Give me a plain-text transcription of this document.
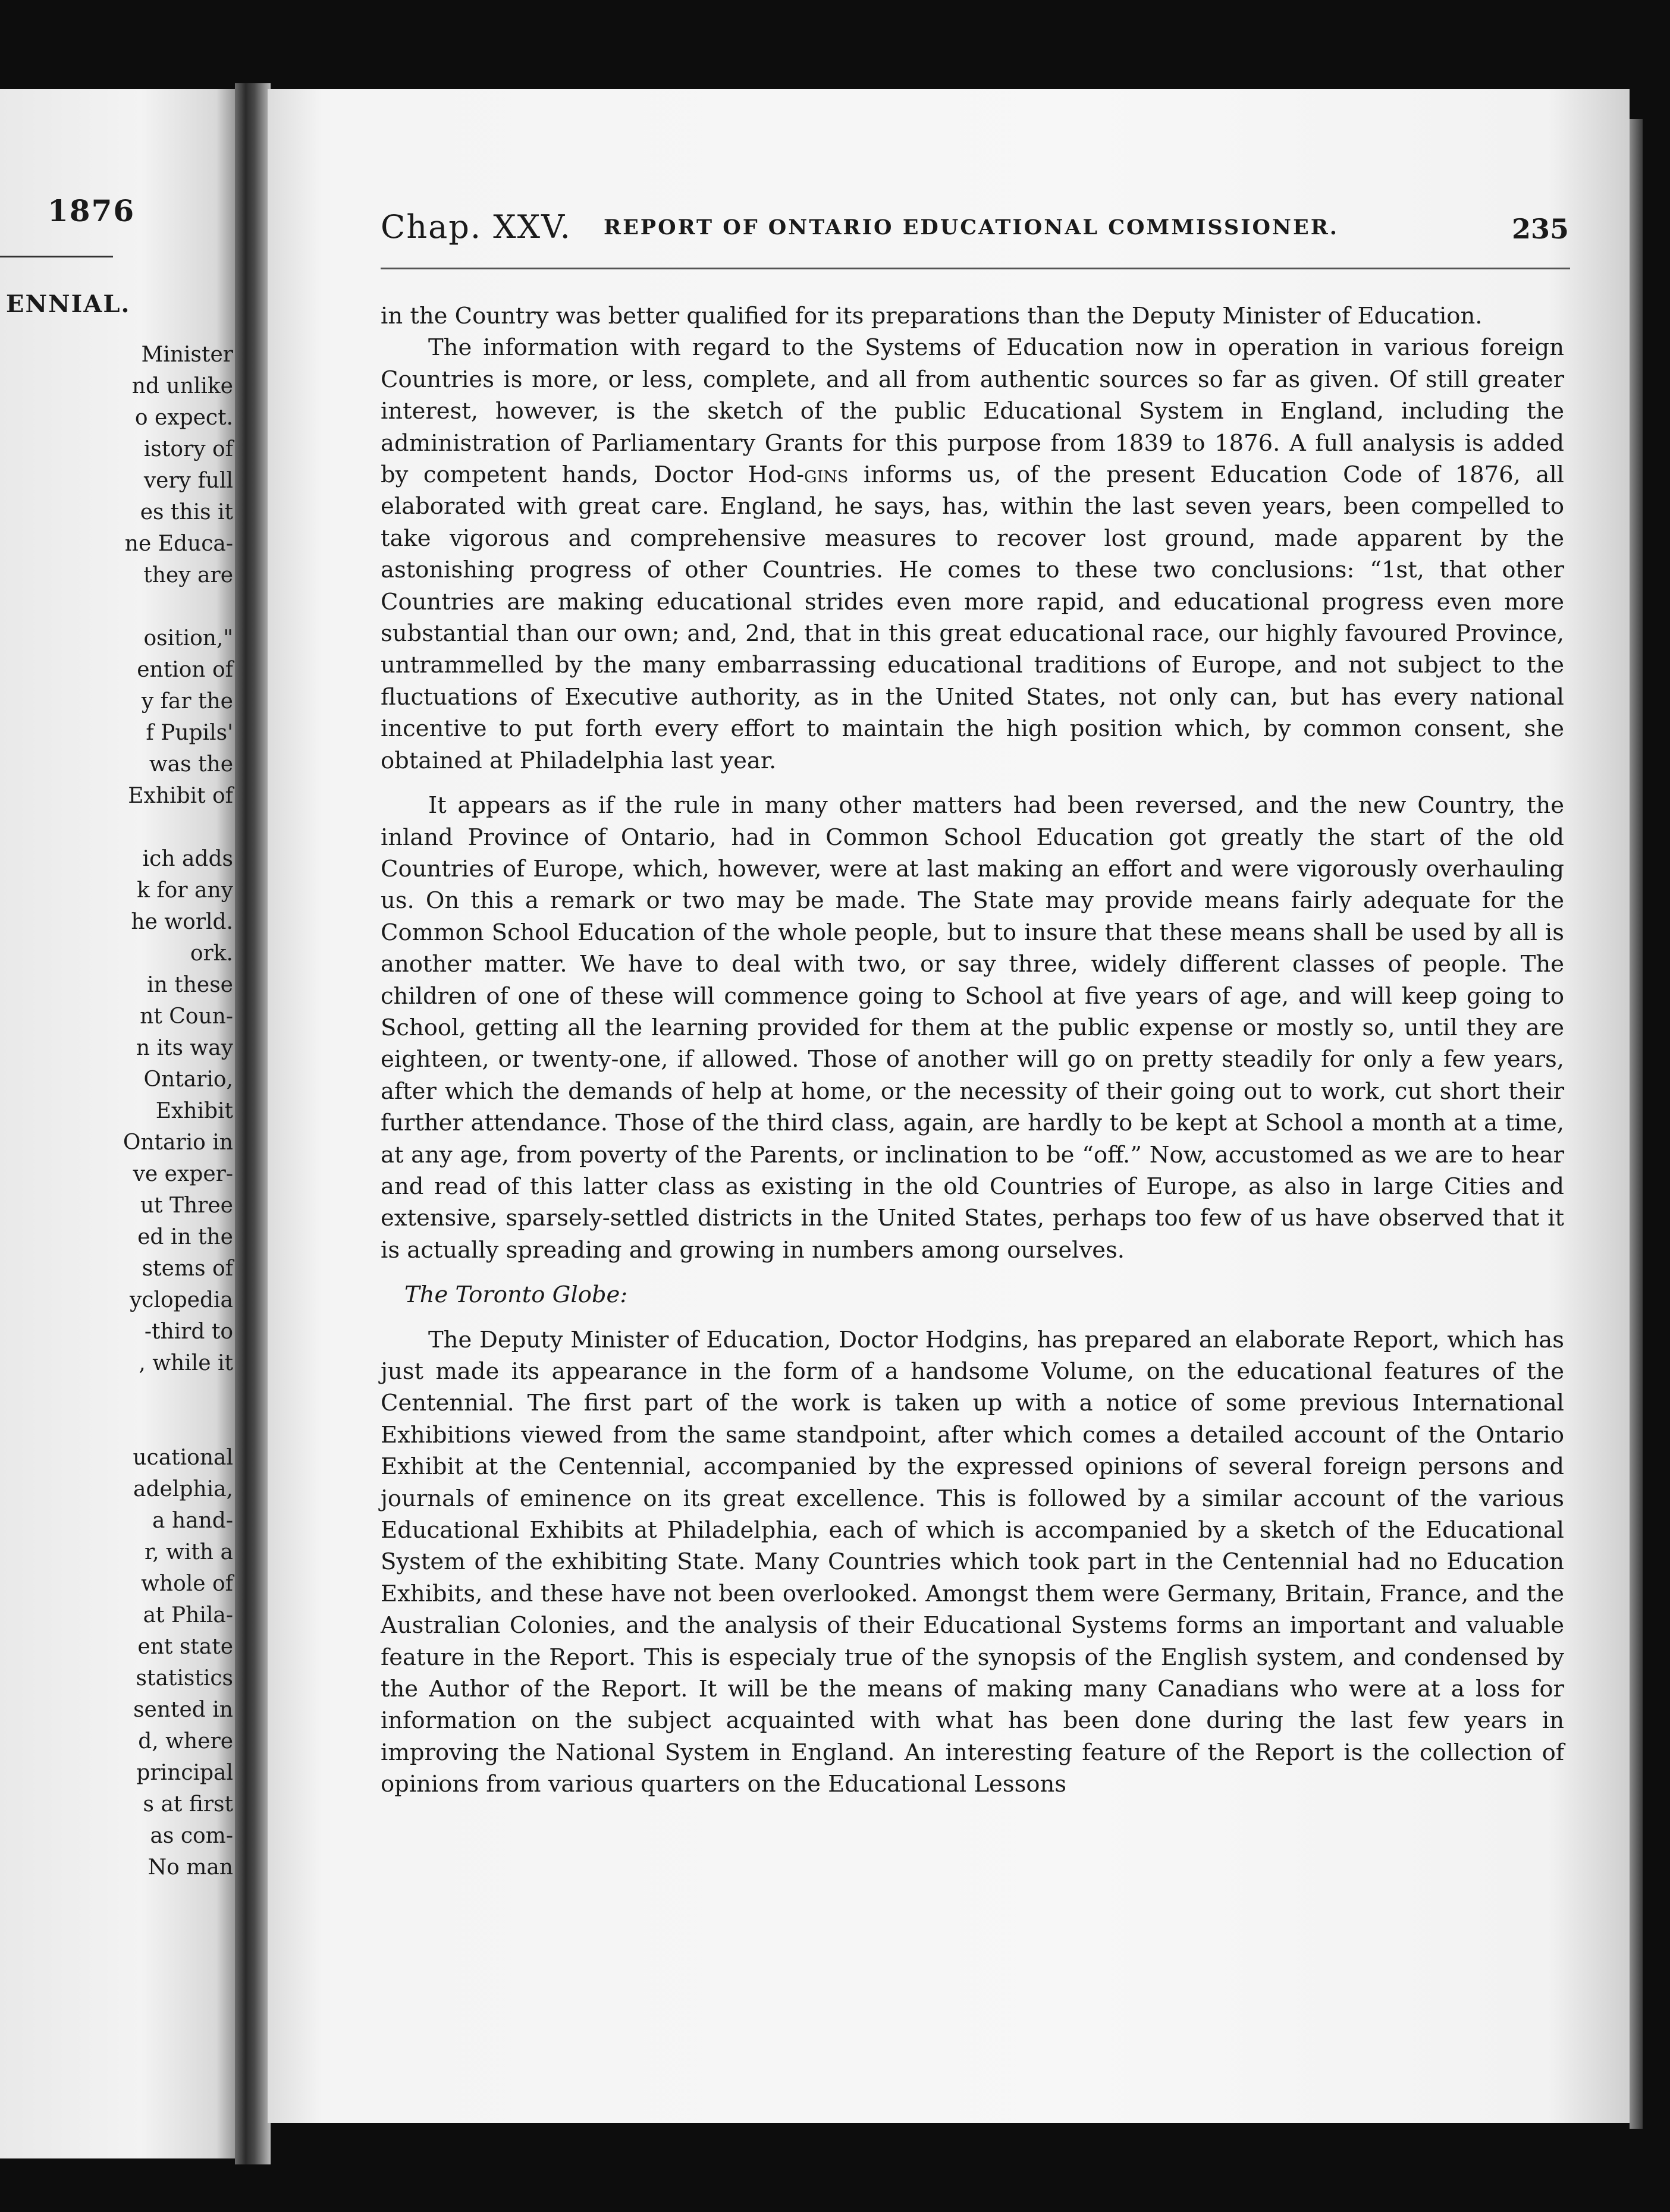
1876
ENNIAL.
Minister
nd unlike
o expect.
istory of
very full
es this it
ne Educa-
they are

osition,"
ention of
y far the
f Pupils'
was the
Exhibit of

ich adds
k for any
he world.
ork.
in these
nt Coun-
n its way
Ontario,
Exhibit
Ontario in
ve exper-
ut Three
ed in the
stems of
yclopedia
-third to
, while it

ucational
adelphia,
a hand-
r, with a
whole of
at Phila-
ent state
statistics
sented in
d, where
principal
s at first
as com-
No man
Chap. XXV. REPORT OF ONTARIO EDUCATIONAL COMMISSIONER.	235

in the Country was better qualified for its preparations than the Deputy Minister of Education.

The information with regard to the Systems of Education now in operation in various foreign Countries is more, or less, complete, and all from authentic sources so far as given. Of still greater interest, however, is the sketch of the public Educational System in England, including the administration of Parliamentary Grants for this purpose from 1839 to 1876. A full analysis is added by competent hands, Doctor Hod-gins informs us, of the present Education Code of 1876, all elaborated with great care. England, he says, has, within the last seven years, been compelled to take vigorous and comprehensive measures to recover lost ground, made apparent by the astonishing progress of other Countries. He comes to these two conclusions: “1st, that other Countries are making educational strides even more rapid, and educational progress even more substantial than our own; and, 2nd, that in this great educational race, our highly favoured Province, untrammelled by the many embarrassing educational traditions of Europe, and not subject to the fluctuations of Executive authority, as in the United States, not only can, but has every national incentive to put forth every effort to maintain the high position which, by common consent, she obtained at Philadelphia last year.

It appears as if the rule in many other matters had been reversed, and the new Country, the inland Province of Ontario, had in Common School Education got greatly the start of the old Countries of Europe, which, however, were at last making an effort and were vigorously overhauling us. On this a remark or two may be made. The State may provide means fairly adequate for the Common School Education of the whole people, but to insure that these means shall be used by all is another matter. We have to deal with two, or say three, widely different classes of people. The children of one of these will commence going to School at five years of age, and will keep going to School, getting all the learning provided for them at the public expense or mostly so, until they are eighteen, or twenty-one, if allowed. Those of another will go on pretty steadily for only a few years, after which the demands of help at home, or the necessity of their going out to work, cut short their further attendance. Those of the third class, again, are hardly to be kept at School a month at a time, at any age, from poverty of the Parents, or inclination to be “off.” Now, accustomed as we are to hear and read of this latter class as existing in the old Countries of Europe, as also in large Cities and extensive, sparsely-settled districts in the United States, perhaps too few of us have observed that it is actually spreading and growing in numbers among ourselves.

The Toronto Globe:

The Deputy Minister of Education, Doctor Hodgins, has prepared an elaborate Report, which has just made its appearance in the form of a handsome Volume, on the educational features of the Centennial. The first part of the work is taken up with a notice of some previous International Exhibitions viewed from the same standpoint, after which comes a detailed account of the Ontario Exhibit at the Centennial, accompanied by the expressed opinions of several foreign persons and journals of eminence on its great excellence. This is followed by a similar account of the various Educational Exhibits at Philadelphia, each of which is accompanied by a sketch of the Educational System of the exhibiting State. Many Countries which took part in the Centennial had no Education Exhibits, and these have not been overlooked. Amongst them were Germany, Britain, France, and the Australian Colonies, and the analysis of their Educational Systems forms an important and valuable feature in the Report. This is especialy true of the synopsis of the English system, and condensed by the Author of the Report. It will be the means of making many Canadians who were at a loss for information on the subject acquainted with what has been done during the last few years in improving the National System in England. An interesting feature of the Report is the collection of opinions from various quarters on the Educational Lessons
